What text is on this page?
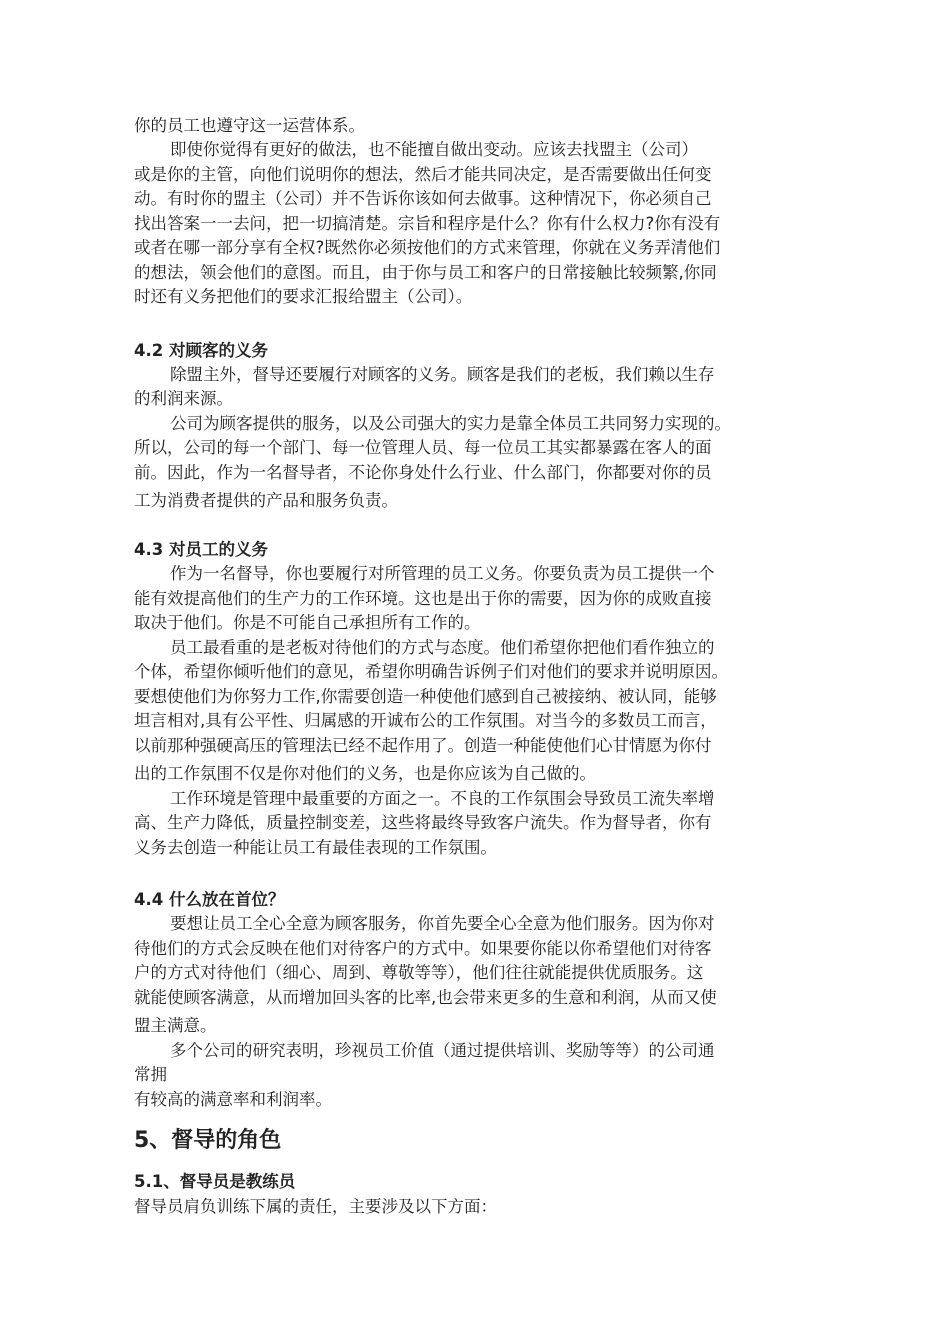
你的员工也遵守这一运营体系。
即使你觉得有更好的做法，也不能擅自做出变动。应该去找盟主（公司）
或是你的主管，向他们说明你的想法，然后才能共同决定，是否需要做出任何变
动。有时你的盟主（公司）并不告诉你该如何去做事。这种情况下，你必须自己
找出答案一一去问，把一切搞清楚。宗旨和程序是什么？你有什么权力?你有没有
或者在哪一部分享有全权?既然你必须按他们的方式来管理，你就在义务弄清他们
的想法，领会他们的意图。而且，由于你与员工和客户的日常接触比较频繁,你同
时还有义务把他们的要求汇报给盟主（公司）。
4.2 对顾客的义务
除盟主外，督导还要履行对顾客的义务。顾客是我们的老板，我们赖以生存
的利润来源。
公司为顾客提供的服务，以及公司强大的实力是靠全体员工共同努力实现的。
所以，公司的每一个部门、每一位管理人员、每一位员工其实都暴露在客人的面
前。因此，作为一名督导者，不论你身处什么行业、什么部门，你都要对你的员
工为消费者提供的产品和服务负责。
4.3 对员工的义务
作为一名督导，你也要履行对所管理的员工义务。你要负责为员工提供一个
能有效提高他们的生产力的工作环境。这也是出于你的需要，因为你的成败直接
取决于他们。你是不可能自己承担所有工作的。
员工最看重的是老板对待他们的方式与态度。他们希望你把他们看作独立的
个体，希望你倾听他们的意见，希望你明确告诉例子们对他们的要求并说明原因。
要想使他们为你努力工作,你需要创造一种使他们感到自己被接纳、被认同，能够
坦言相对,具有公平性、归属感的开诚布公的工作氛围。对当今的多数员工而言，
以前那种强硬高压的管理法已经不起作用了。创造一种能使他们心甘情愿为你付
出的工作氛围不仅是你对他们的义务，也是你应该为自己做的。
工作环境是管理中最重要的方面之一。不良的工作氛围会导致员工流失率增
高、生产力降低，质量控制变差，这些将最终导致客户流失。作为督导者，你有
义务去创造一种能让员工有最佳表现的工作氛围。
4.4 什么放在首位？
要想让员工全心全意为顾客服务，你首先要全心全意为他们服务。因为你对
待他们的方式会反映在他们对待客户的方式中。如果要你能以你希望他们对待客
户的方式对待他们（细心、周到、尊敬等等），他们往往就能提供优质服务。这
就能使顾客满意，从而增加回头客的比率,也会带来更多的生意和利润，从而又使
盟主满意。
多个公司的研究表明，珍视员工价值（通过提供培训、奖励等等）的公司通
常拥
有较高的满意率和利润率。
5、督导的角色
5.1、督导员是教练员
督导员肩负训练下属的责任，主要涉及以下方面：
